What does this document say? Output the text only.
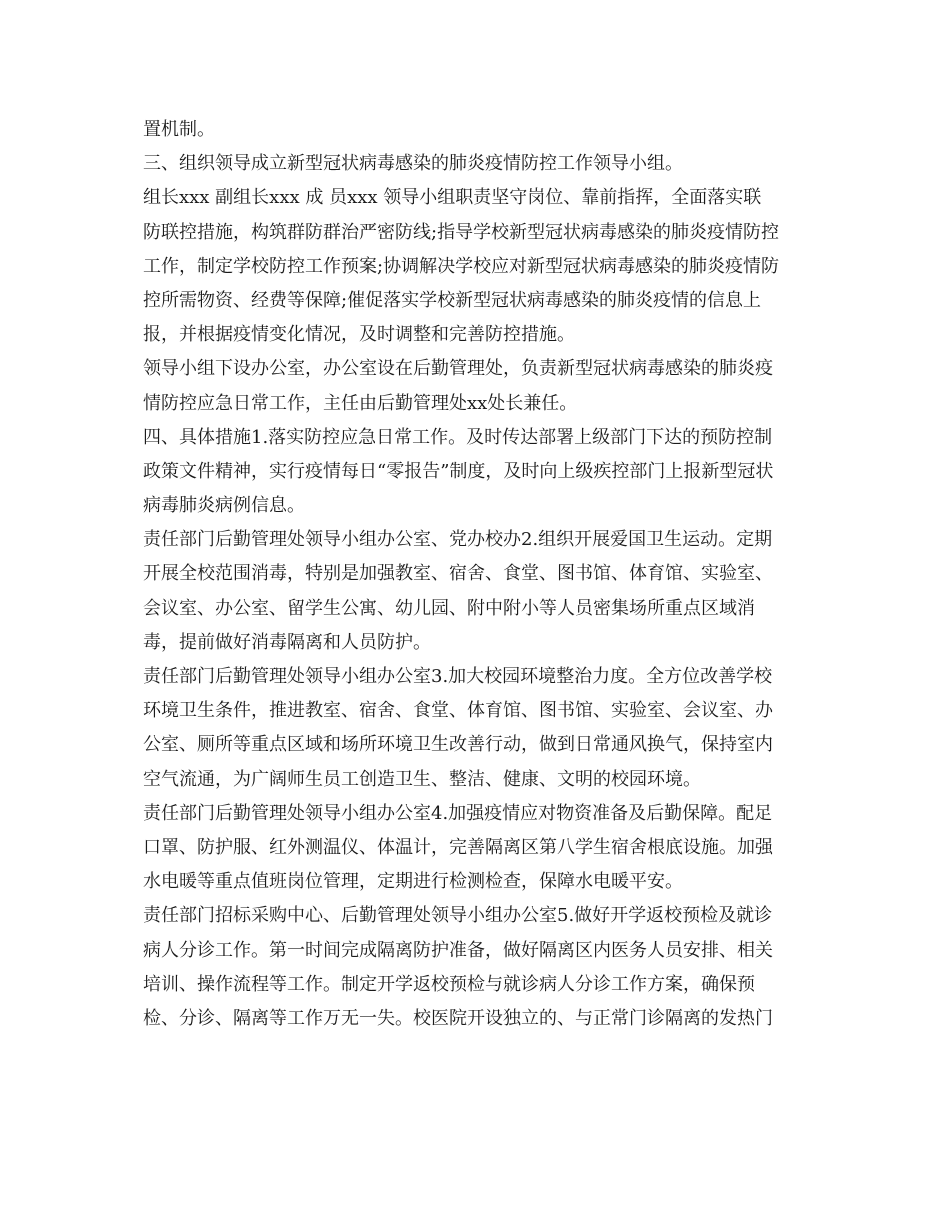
置机制。
三、组织领导成立新型冠状病毒感染的肺炎疫情防控工作领导小组。
组长xxx 副组长xxx 成 员xxx 领导小组职责坚守岗位、靠前指挥，全面落实联
防联控措施，构筑群防群治严密防线;指导学校新型冠状病毒感染的肺炎疫情防控
工作，制定学校防控工作预案;协调解决学校应对新型冠状病毒感染的肺炎疫情防
控所需物资、经费等保障;催促落实学校新型冠状病毒感染的肺炎疫情的信息上
报，并根据疫情变化情况，及时调整和完善防控措施。
领导小组下设办公室，办公室设在后勤管理处，负责新型冠状病毒感染的肺炎疫
情防控应急日常工作，主任由后勤管理处xx处长兼任。
四、具体措施1.落实防控应急日常工作。及时传达部署上级部门下达的预防控制
政策文件精神，实行疫情每日“零报告”制度，及时向上级疾控部门上报新型冠状
病毒肺炎病例信息。
责任部门后勤管理处领导小组办公室、党办校办2.组织开展爱国卫生运动。定期
开展全校范围消毒，特别是加强教室、宿舍、食堂、图书馆、体育馆、实验室、
会议室、办公室、留学生公寓、幼儿园、附中附小等人员密集场所重点区域消
毒，提前做好消毒隔离和人员防护。
责任部门后勤管理处领导小组办公室3.加大校园环境整治力度。全方位改善学校
环境卫生条件，推进教室、宿舍、食堂、体育馆、图书馆、实验室、会议室、办
公室、厕所等重点区域和场所环境卫生改善行动，做到日常通风换气，保持室内
空气流通，为广阔师生员工创造卫生、整洁、健康、文明的校园环境。
责任部门后勤管理处领导小组办公室4.加强疫情应对物资准备及后勤保障。配足
口罩、防护服、红外测温仪、体温计，完善隔离区第八学生宿舍根底设施。加强
水电暖等重点值班岗位管理，定期进行检测检查，保障水电暖平安。
责任部门招标采购中心、后勤管理处领导小组办公室5.做好开学返校预检及就诊
病人分诊工作。第一时间完成隔离防护准备，做好隔离区内医务人员安排、相关
培训、操作流程等工作。制定开学返校预检与就诊病人分诊工作方案，确保预
检、分诊、隔离等工作万无一失。校医院开设独立的、与正常门诊隔离的发热门
